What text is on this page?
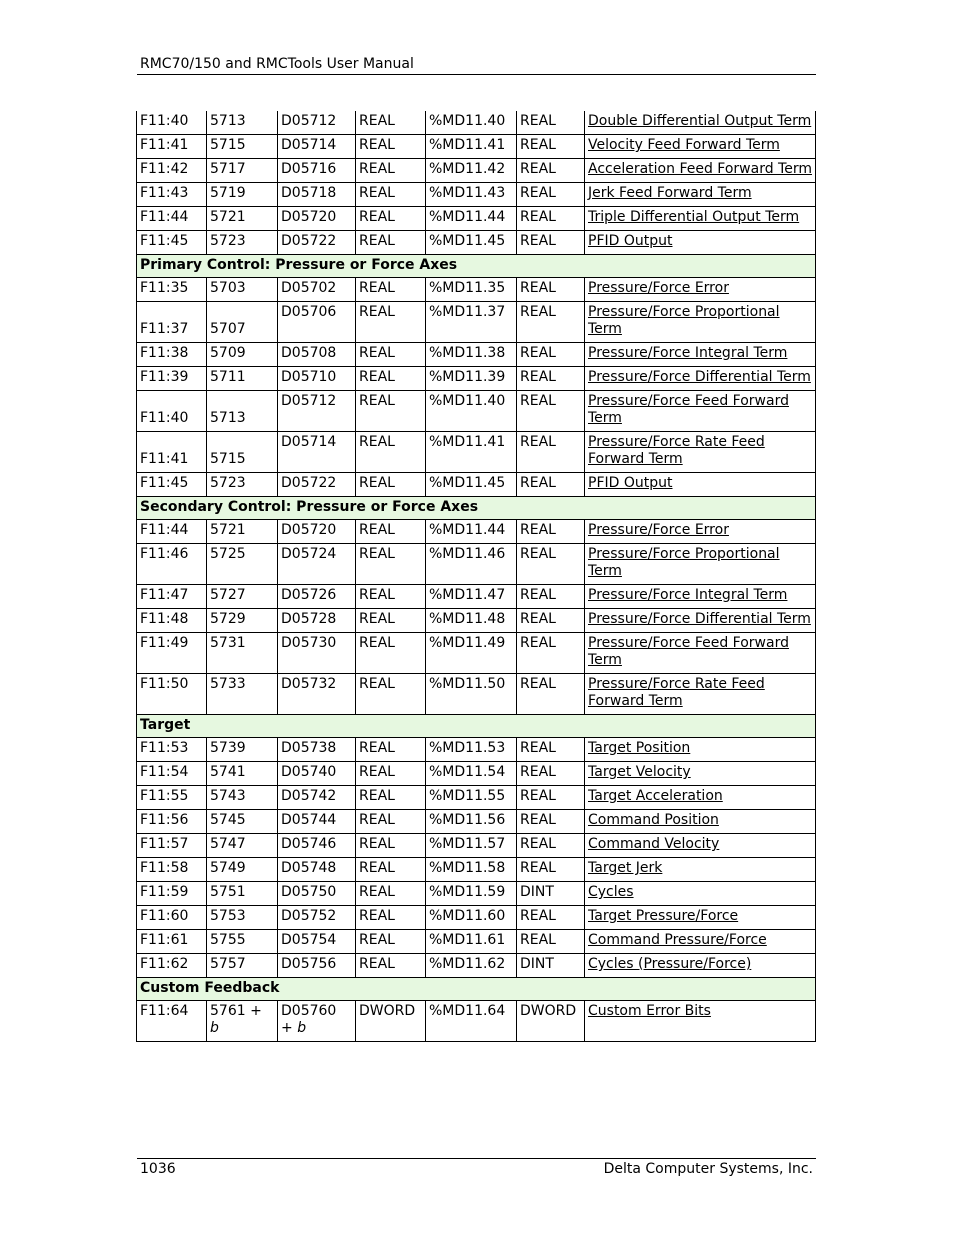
RMC70/150 and RMCTools User Manual
F11:40	5713	D05712	REAL	%MD11.40	REAL	Double Differential Output Term
F11:41	5715	D05714	REAL	%MD11.41	REAL	Velocity Feed Forward Term
F11:42	5717	D05716	REAL	%MD11.42	REAL	Acceleration Feed Forward Term
F11:43	5719	D05718	REAL	%MD11.43	REAL	Jerk Feed Forward Term
F11:44	5721	D05720	REAL	%MD11.44	REAL	Triple Differential Output Term
F11:45	5723	D05722	REAL	%MD11.45	REAL	PFID Output
Primary Control: Pressure or Force Axes						
F11:35	5703	D05702	REAL	%MD11.35	REAL	Pressure/Force Error
F11:37	5707	D05706	REAL	%MD11.37	REAL	Pressure/Force Proportional Term
F11:38	5709	D05708	REAL	%MD11.38	REAL	Pressure/Force Integral Term
F11:39	5711	D05710	REAL	%MD11.39	REAL	Pressure/Force Differential Term
F11:40	5713	D05712	REAL	%MD11.40	REAL	Pressure/Force Feed Forward Term
F11:41	5715	D05714	REAL	%MD11.41	REAL	Pressure/Force Rate Feed Forward Term
F11:45	5723	D05722	REAL	%MD11.45	REAL	PFID Output
Secondary Control: Pressure or Force Axes						
F11:44	5721	D05720	REAL	%MD11.44	REAL	Pressure/Force Error
F11:46	5725	D05724	REAL	%MD11.46	REAL	Pressure/Force Proportional Term
F11:47	5727	D05726	REAL	%MD11.47	REAL	Pressure/Force Integral Term
F11:48	5729	D05728	REAL	%MD11.48	REAL	Pressure/Force Differential Term
F11:49	5731	D05730	REAL	%MD11.49	REAL	Pressure/Force Feed Forward Term
F11:50	5733	D05732	REAL	%MD11.50	REAL	Pressure/Force Rate Feed Forward Term
Target						
F11:53	5739	D05738	REAL	%MD11.53	REAL	Target Position
F11:54	5741	D05740	REAL	%MD11.54	REAL	Target Velocity
F11:55	5743	D05742	REAL	%MD11.55	REAL	Target Acceleration
F11:56	5745	D05744	REAL	%MD11.56	REAL	Command Position
F11:57	5747	D05746	REAL	%MD11.57	REAL	Command Velocity
F11:58	5749	D05748	REAL	%MD11.58	REAL	Target Jerk
F11:59	5751	D05750	REAL	%MD11.59	DINT	Cycles
F11:60	5753	D05752	REAL	%MD11.60	REAL	Target Pressure/Force
F11:61	5755	D05754	REAL	%MD11.61	REAL	Command Pressure/Force
F11:62	5757	D05756	REAL	%MD11.62	DINT	Cycles (Pressure/Force)
Custom Feedback						
F11:64	5761 + b	D05760 + b	DWORD	%MD11.64	DWORD	Custom Error Bits
1036	Delta Computer Systems, Inc.
